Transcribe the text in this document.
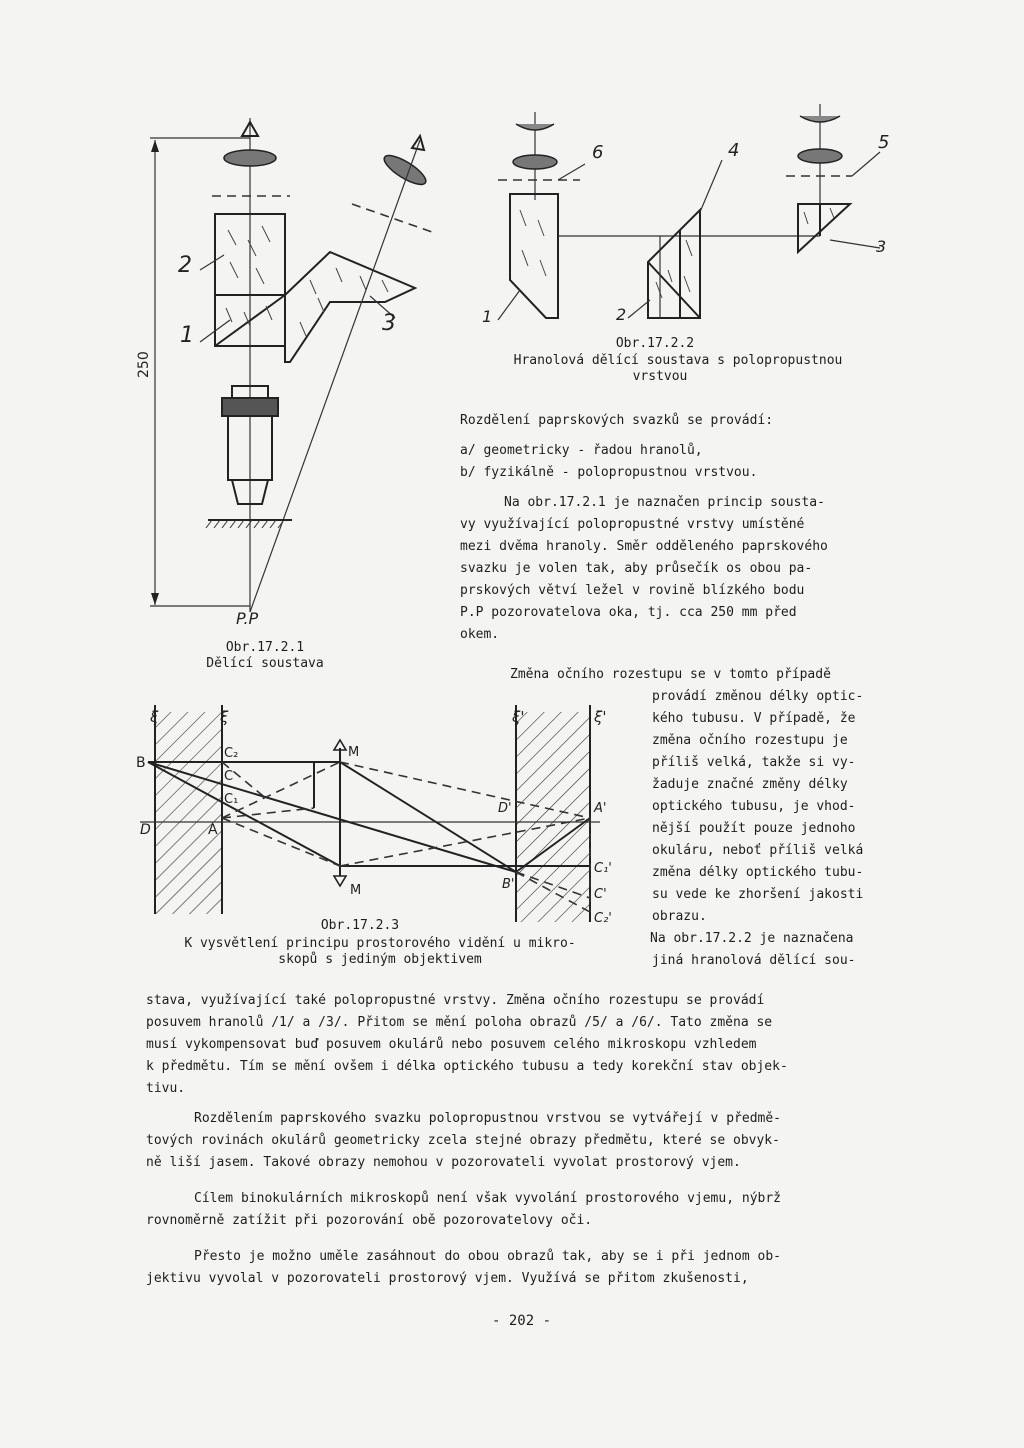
2
1	3
250
P.P
Obr.17.2.1
Dělící soustava
1	2
6	4	5
3
Obr.17.2.2
Hranolová dělící soustava s polopropustnou
vrstvou
ξ	ξ	ξ'	ξ'
B
D	A
C₂
C
C₁
M
M
D'	A'
B'
C₁'
C'
C₂'
Obr.17.2.3
K vysvětlení principu prostorového vidění u mikro-
skopů s jediným objektivem

Rozdělení paprskových svazků se provádí:

a/ geometricky - řadou hranolů,

b/ fyzikálně - polopropustnou vrstvou.

Na obr.17.2.1 je naznačen princip sousta-

vy využívající polopropustné vrstvy umístěné

mezi dvěma hranoly. Směr odděleného paprskového

svazku je volen tak, aby průsečík os obou pa-

prskových větví ležel v rovině blízkého bodu

P.P pozorovatelova oka, tj. cca 250 mm před

okem.

Změna očního rozestupu se v tomto případě

provádí změnou délky optic-

kého tubusu. V případě, že

změna očního rozestupu je

příliš velká, takže si vy-

žaduje značné změny délky

optického tubusu, je vhod-

nější použít pouze jednoho

okuláru, neboť příliš velká

změna délky optického tubu-

su vede ke zhoršení jakosti

obrazu.

Na obr.17.2.2 je naznačena

jiná hranolová dělící sou-

stava, využívající také polopropustné vrstvy. Změna očního rozestupu se provádí

posuvem hranolů /1/ a /3/. Přitom se mění poloha obrazů /5/ a /6/. Tato změna se

musí vykompensovat buď posuvem okulárů nebo posuvem celého mikroskopu vzhledem

k předmětu. Tím se mění ovšem i délka optického tubusu a tedy korekční stav objek-

tivu.

Rozdělením paprskového svazku polopropustnou vrstvou se vytvářejí v předmě-

tových rovinách okulárů geometricky zcela stejné obrazy předmětu, které se obvyk-

ně liší jasem. Takové obrazy nemohou v pozorovateli vyvolat prostorový vjem.

Cílem binokulárních mikroskopů není však vyvolání prostorového vjemu, nýbrž

rovnoměrně zatížit při pozorování obě pozorovatelovy oči.

Přesto je možno uměle zasáhnout do obou obrazů tak, aby se i při jednom ob-

jektivu vyvolal v pozorovateli prostorový vjem. Využívá se přitom zkušenosti,

- 202 -
